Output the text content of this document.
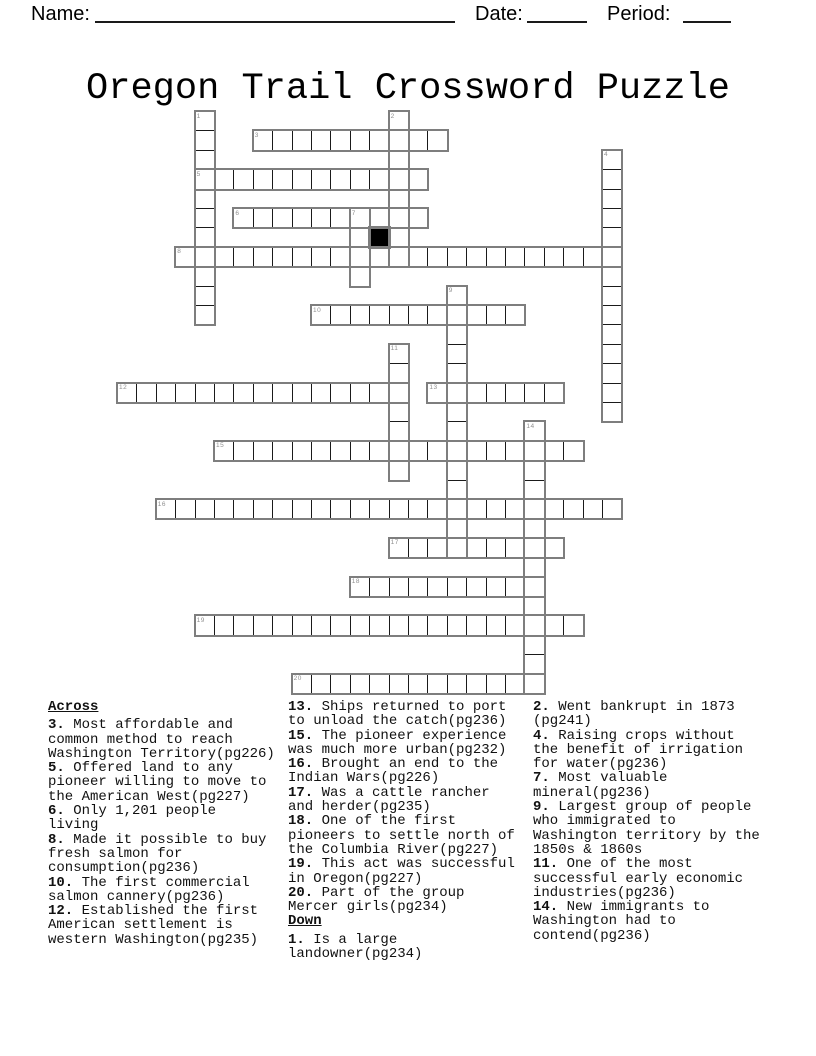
Name:	Date:	Period:
Oregon Trail Crossword Puzzle
1	2
3
4
5
6	7
8
9
10
11
12	13
14
15
16
17
18
19
20
Across

3. Most affordable and
common method to reach
Washington Territory(pg226)

5. Offered land to any
pioneer willing to move to
the American West(pg227)

6. Only 1,201 people
living

8. Made it possible to buy
fresh salmon for
consumption(pg236)

10. The first commercial
salmon cannery(pg236)

12. Established the first
American settlement is
western Washington(pg235)

13. Ships returned to port
to unload the catch(pg236)

15. The pioneer experience
was much more urban(pg232)

16. Brought an end to the
Indian Wars(pg226)

17. Was a cattle rancher
and herder(pg235)

18. One of the first
pioneers to settle north of
the Columbia River(pg227)

19. This act was successful
in Oregon(pg227)

20. Part of the group
Mercer girls(pg234)

Down

1. Is a large
landowner(pg234)

2. Went bankrupt in 1873
(pg241)

4. Raising crops without
the benefit of irrigation
for water(pg236)

7. Most valuable
mineral(pg236)

9. Largest group of people
who immigrated to
Washington territory by the
1850s & 1860s

11. One of the most
successful early economic
industries(pg236)

14. New immigrants to
Washington had to
contend(pg236)
